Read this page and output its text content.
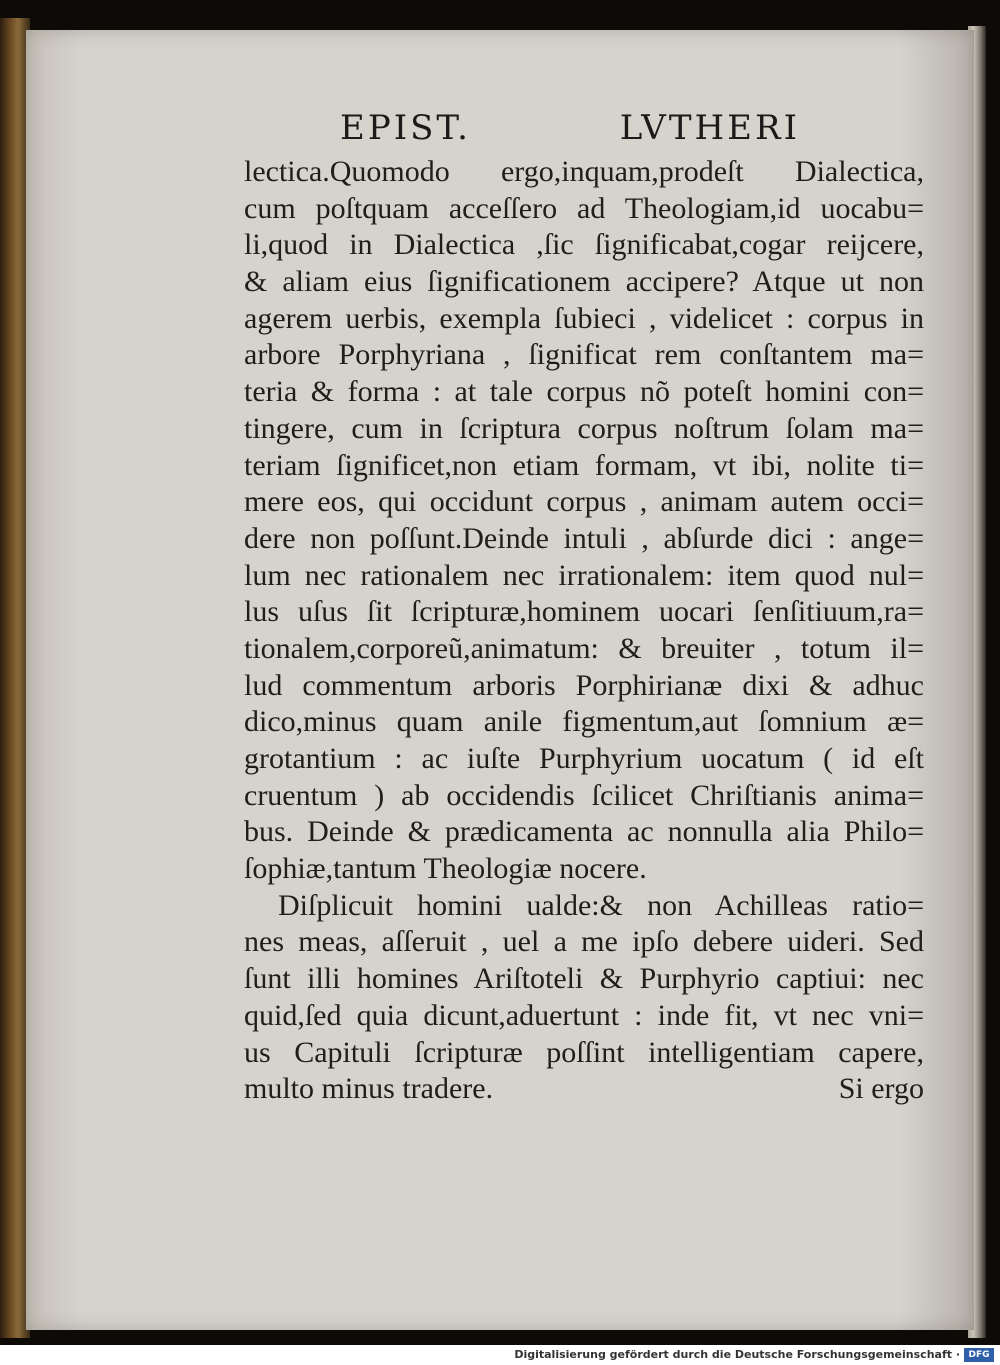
EPIST.	LVTHERI
lectica.Quomodo ergo,inquam,prodeſt Dialectica,
cum poſtquam acceſſero ad Theologiam,id uocabu=
li,quod in Dialectica ,ſic ſignificabat,cogar reijcere,
& aliam eius ſignificationem accipere? Atque ut non
agerem uerbis, exempla ſubieci , videlicet : corpus in
arbore Porphyriana , ſignificat rem conſtantem ma=
teria & forma : at tale corpus nõ poteſt homini con=
tingere, cum in ſcriptura corpus noſtrum ſolam ma=
teriam ſignificet,non etiam formam, vt ibi, nolite ti=
mere eos, qui occidunt corpus , animam autem occi=
dere non poſſunt.Deinde intuli , abſurde dici : ange=
lum nec rationalem nec irrationalem: item quod nul=
lus uſus ſit ſcripturæ,hominem uocari ſenſitiuum,ra=
tionalem,corporeũ,animatum: & breuiter , totum il=
lud commentum arboris Porphirianæ dixi & adhuc
dico,minus quam anile figmentum,aut ſomnium æ=
grotantium : ac iuſte Purphyrium uocatum ( id eſt
cruentum ) ab occidendis ſcilicet Chriſtianis anima=
bus. Deinde & prædicamenta ac nonnulla alia Philo=
ſophiæ,tantum Theologiæ nocere.
Diſplicuit homini ualde:& non Achilleas ratio=
nes meas, aſſeruit , uel a me ipſo debere uideri. Sed
ſunt illi homines Ariſtoteli & Purphyrio captiui: nec
quid,ſed quia dicunt,aduertunt : inde fit, vt nec vni=
us Capituli ſcripturæ poſſint intelligentiam capere,
multo minus tradere.	Si ergo
Digitalisierung gefördert durch die Deutsche Forschungsgemeinschaft · DFG
